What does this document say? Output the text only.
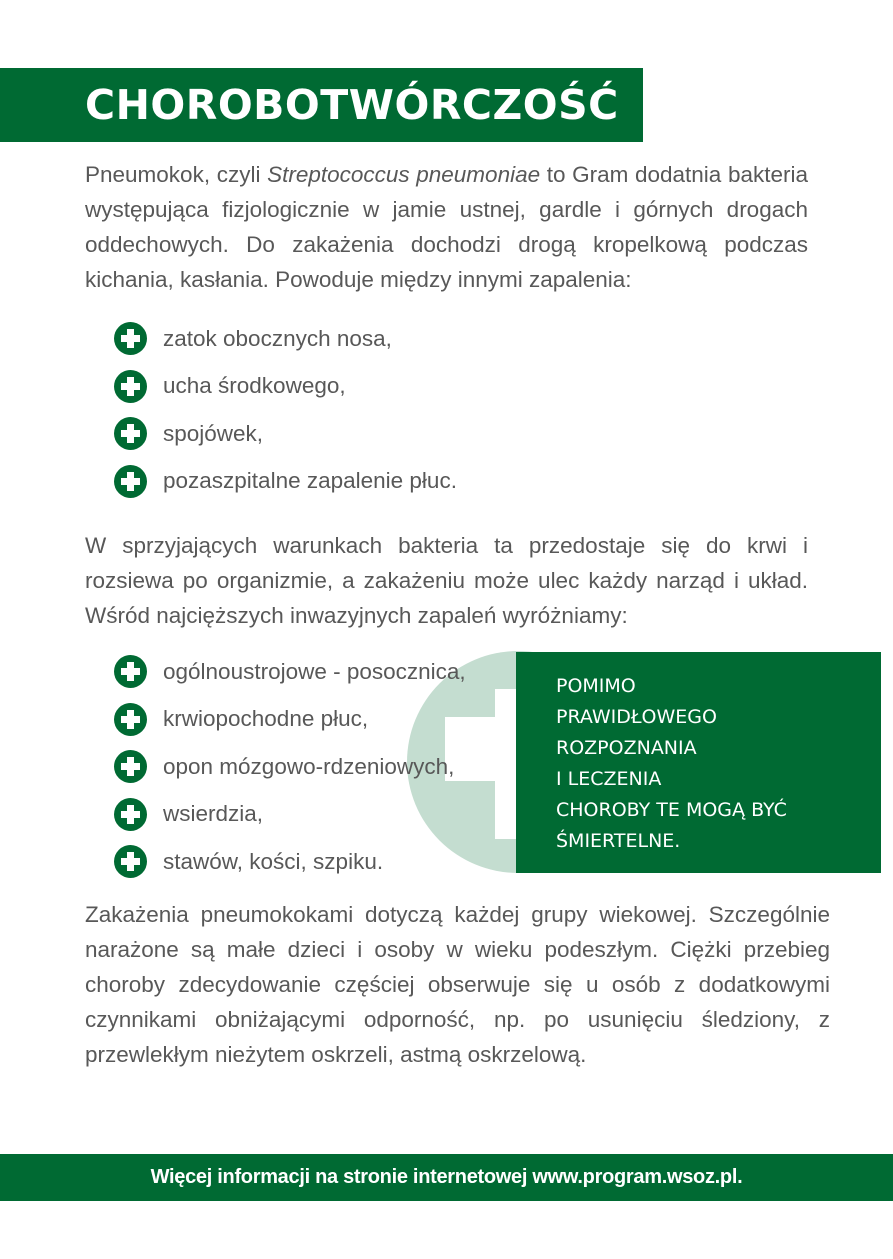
CHOROBOTWÓRCZOŚĆ

Pneumokok, czyli Streptococcus pneumoniae to Gram dodatnia bakteria występująca fizjologicznie w jamie ustnej, gardle i górnych drogach oddechowych. Do zakażenia dochodzi drogą kropelkową podczas kichania, kasłania. Powoduje między innymi zapalenia:

zatok obocznych nosa,
ucha środkowego,
spojówek,
pozaszpitalne zapalenie płuc.

W sprzyjających warunkach bakteria ta przedostaje się do krwi i rozsiewa po organizmie, a zakażeniu może ulec każdy narząd i układ. Wśród najcięższych inwazyjnych zapaleń wyróżniamy:

ogólnoustrojowe - posocznica,
krwiopochodne płuc,
opon mózgowo-rdzeniowych,
wsierdzia,
stawów, kości, szpiku.

POMIMO
PRAWIDŁOWEGO
ROZPOZNANIA
I LECZENIA
CHOROBY TE MOGĄ BYĆ
ŚMIERTELNE.

Zakażenia pneumokokami dotyczą każdej grupy wiekowej. Szczególnie narażone są małe dzieci i osoby w wieku podeszłym. Ciężki przebieg choroby zdecydowanie częściej obserwuje się u osób z dodatkowymi czynnikami obniżającymi odporność, np. po usunięciu śledziony, z przewlekłym nieżytem oskrzeli, astmą oskrzelową.

Więcej informacji na stronie internetowej www.program.wsoz.pl.
